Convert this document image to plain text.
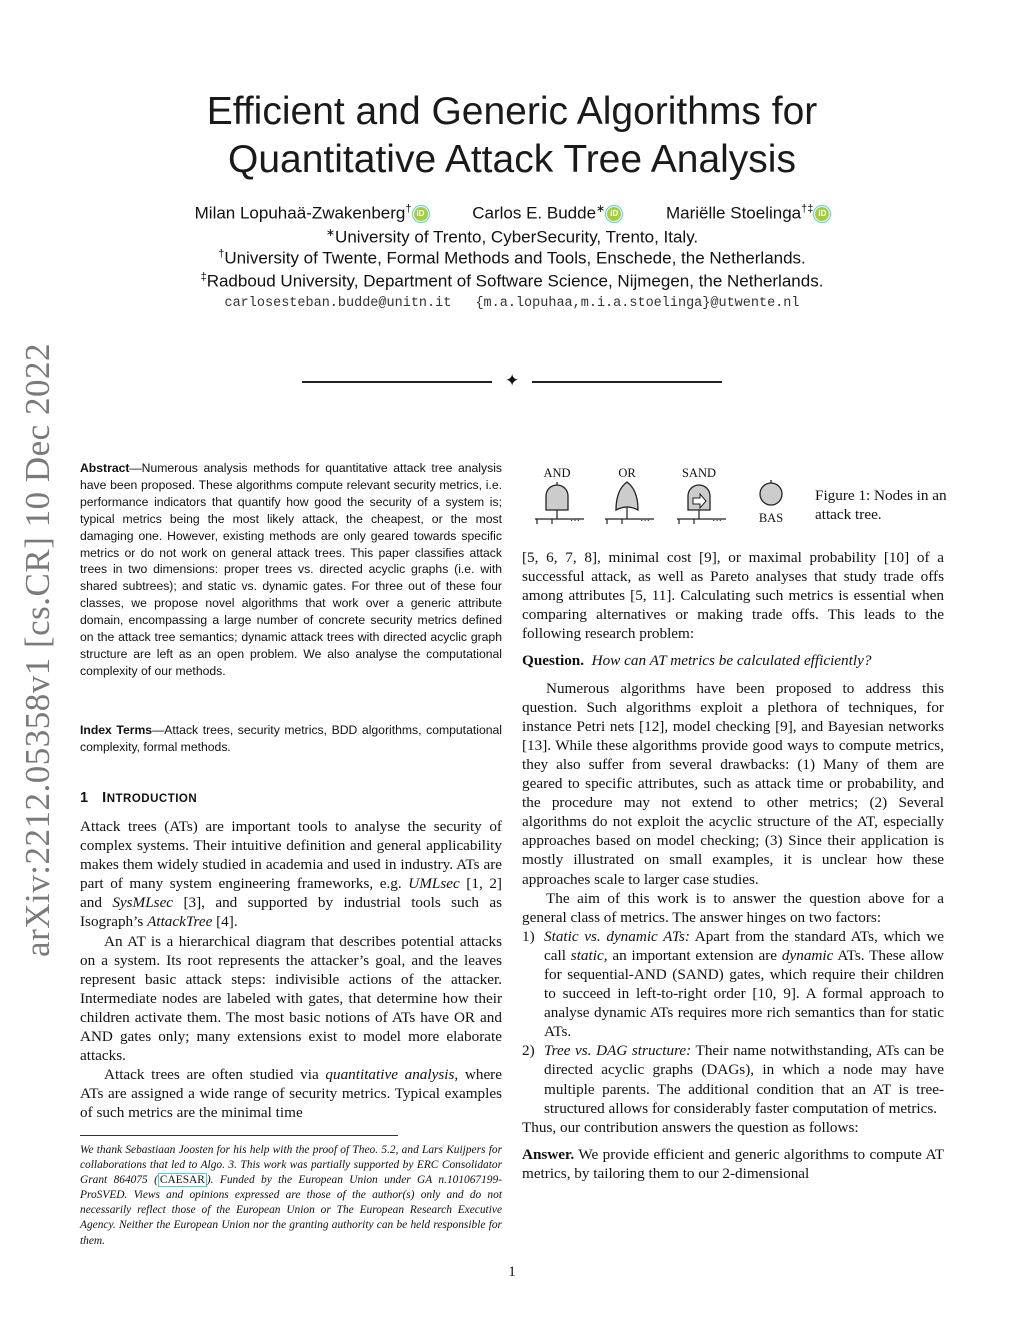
arXiv:2212.05358v1 [cs.CR] 10 Dec 2022
Efficient and Generic Algorithms for
Quantitative Attack Tree Analysis
Milan Lopuhaä-Zwakenberg† iD	Carlos E. Budde∗ iD	Mariëlle Stoelinga†‡ iD
∗University of Trento, CyberSecurity, Trento, Italy.
†University of Twente, Formal Methods and Tools, Enschede, the Netherlands.
‡Radboud University, Department of Software Science, Nijmegen, the Netherlands.
carlosesteban.budde@unitn.it {m.a.lopuhaa,m.i.a.stoelinga}@utwente.nl
✦
Abstract—Numerous analysis methods for quantitative attack tree analysis have been proposed. These algorithms compute relevant security metrics, i.e. performance indicators that quantify how good the security of a system is; typical metrics being the most likely attack, the cheapest, or the most damaging one. However, existing methods are only geared towards specific metrics or do not work on general attack trees. This paper classifies attack trees in two dimensions: proper trees vs. directed acyclic graphs (i.e. with shared subtrees); and static vs. dynamic gates. For three out of these four classes, we propose novel algorithms that work over a generic attribute domain, encompassing a large number of concrete security metrics defined on the attack tree semantics; dynamic attack trees with directed acyclic graph structure are left as an open problem. We also analyse the computational complexity of our methods.
Index Terms—Attack trees, security metrics, BDD algorithms, computational complexity, formal methods.
1 INTRODUCTION

Attack trees (ATs) are important tools to analyse the security of complex systems. Their intuitive definition and general applicability makes them widely studied in academia and used in industry. ATs are part of many system engineering frameworks, e.g. UMLsec [1, 2] and SysMLsec [3], and supported by industrial tools such as Isograph’s AttackTree [4].

An AT is a hierarchical diagram that describes potential attacks on a system. Its root represents the attacker’s goal, and the leaves represent basic attack steps: indivisible actions of the attacker. Intermediate nodes are labeled with gates, that determine how their children activate them. The most basic notions of ATs have OR and AND gates only; many extensions exist to model more elaborate attacks.

Attack trees are often studied via quantitative analysis, where ATs are assigned a wide range of security metrics. Typical examples of such metrics are the minimal time

We thank Sebastiaan Joosten for his help with the proof of Theo. 5.2, and Lars Kuijpers for collaborations that led to Algo. 3. This work was partially supported by ERC Consolidator Grant 864075 ( CAESAR ). Funded by the European Union under GA n.101067199-ProSVED. Views and opinions expressed are those of the author(s) only and do not necessarily reflect those of the European Union or The European Research Executive Agency. Neither the European Union nor the granting authority can be held responsible for them.
AND	OR	SAND
BAS
···	···	···
Figure 1: Nodes in an attack tree.

[5, 6, 7, 8], minimal cost [9], or maximal probability [10] of a successful attack, as well as Pareto analyses that study trade offs among attributes [5, 11]. Calculating such metrics is essential when comparing alternatives or making trade offs. This leads to the following research problem:

Question. How can AT metrics be calculated efficiently?

Numerous algorithms have been proposed to address this question. Such algorithms exploit a plethora of techniques, for instance Petri nets [12], model checking [9], and Bayesian networks [13]. While these algorithms provide good ways to compute metrics, they also suffer from several drawbacks: (1) Many of them are geared to specific attributes, such as attack time or probability, and the procedure may not extend to other metrics; (2) Several algorithms do not exploit the acyclic structure of the AT, especially approaches based on model checking; (3) Since their application is mostly illustrated on small examples, it is unclear how these approaches scale to larger case studies.

The aim of this work is to answer the question above for a general class of metrics. The answer hinges on two factors:

1) Static vs. dynamic ATs: Apart from the standard ATs, which we call static, an important extension are dynamic ATs. These allow for sequential-AND (SAND) gates, which require their children to succeed in left-to-right order [10, 9]. A formal approach to analyse dynamic ATs requires more rich semantics than for static ATs.
2) Tree vs. DAG structure: Their name notwithstanding, ATs can be directed acyclic graphs (DAGs), in which a node may have multiple parents. The additional condition that an AT is tree-structured allows for considerably faster computation of metrics.

Thus, our contribution answers the question as follows:

Answer. We provide efficient and generic algorithms to compute AT metrics, by tailoring them to our 2-dimensional

1
